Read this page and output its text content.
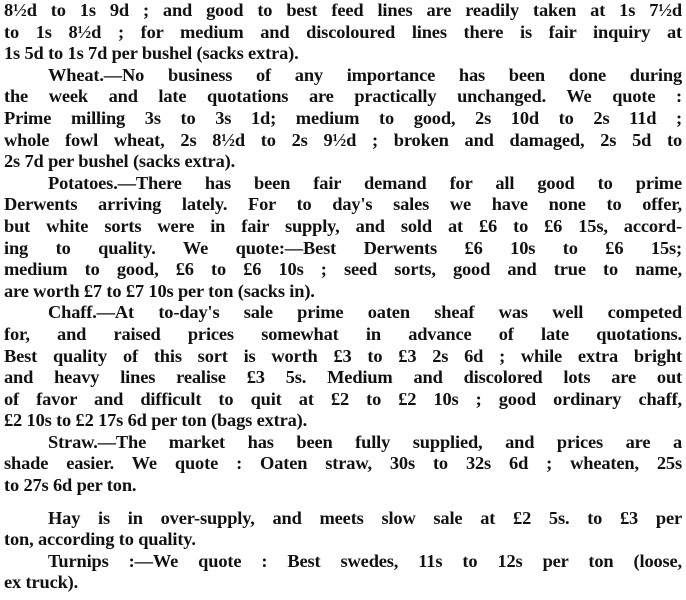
8½d to 1s 9d ; and good to best feed lines are readily taken at 1s 7½d
to 1s 8½d ; for medium and discoloured lines there is fair inquiry at
1s 5d to 1s 7d per bushel (sacks extra).
Wheat.—No business of any importance has been done during
the week and late quotations are practically unchanged. We quote :
Prime milling 3s to 3s 1d; medium to good, 2s 10d to 2s 11d ;
whole fowl wheat, 2s 8½d to 2s 9½d ; broken and damaged, 2s 5d to
2s 7d per bushel (sacks extra).
Potatoes.—There has been fair demand for all good to prime
Derwents arriving lately. For to day's sales we have none to offer,
but white sorts were in fair supply, and sold at £6 to £6 15s, accord-
ing to quality. We quote:—Best Derwents £6 10s to £6 15s;
medium to good, £6 to £6 10s ; seed sorts, good and true to name,
are worth £7 to £7 10s per ton (sacks in).
Chaff.—At to-day's sale prime oaten sheaf was well competed
for, and raised prices somewhat in advance of late quotations.
Best quality of this sort is worth £3 to £3 2s 6d ; while extra bright
and heavy lines realise £3 5s. Medium and discolored lots are out
of favor and difficult to quit at £2 to £2 10s ; good ordinary chaff,
£2 10s to £2 17s 6d per ton (bags extra).
Straw.—The market has been fully supplied, and prices are a
shade easier. We quote : Oaten straw, 30s to 32s 6d ; wheaten, 25s
to 27s 6d per ton.
Hay is in over-supply, and meets slow sale at £2 5s. to £3 per
ton, according to quality.
Turnips :—We quote : Best swedes, 11s to 12s per ton (loose,
ex truck).
